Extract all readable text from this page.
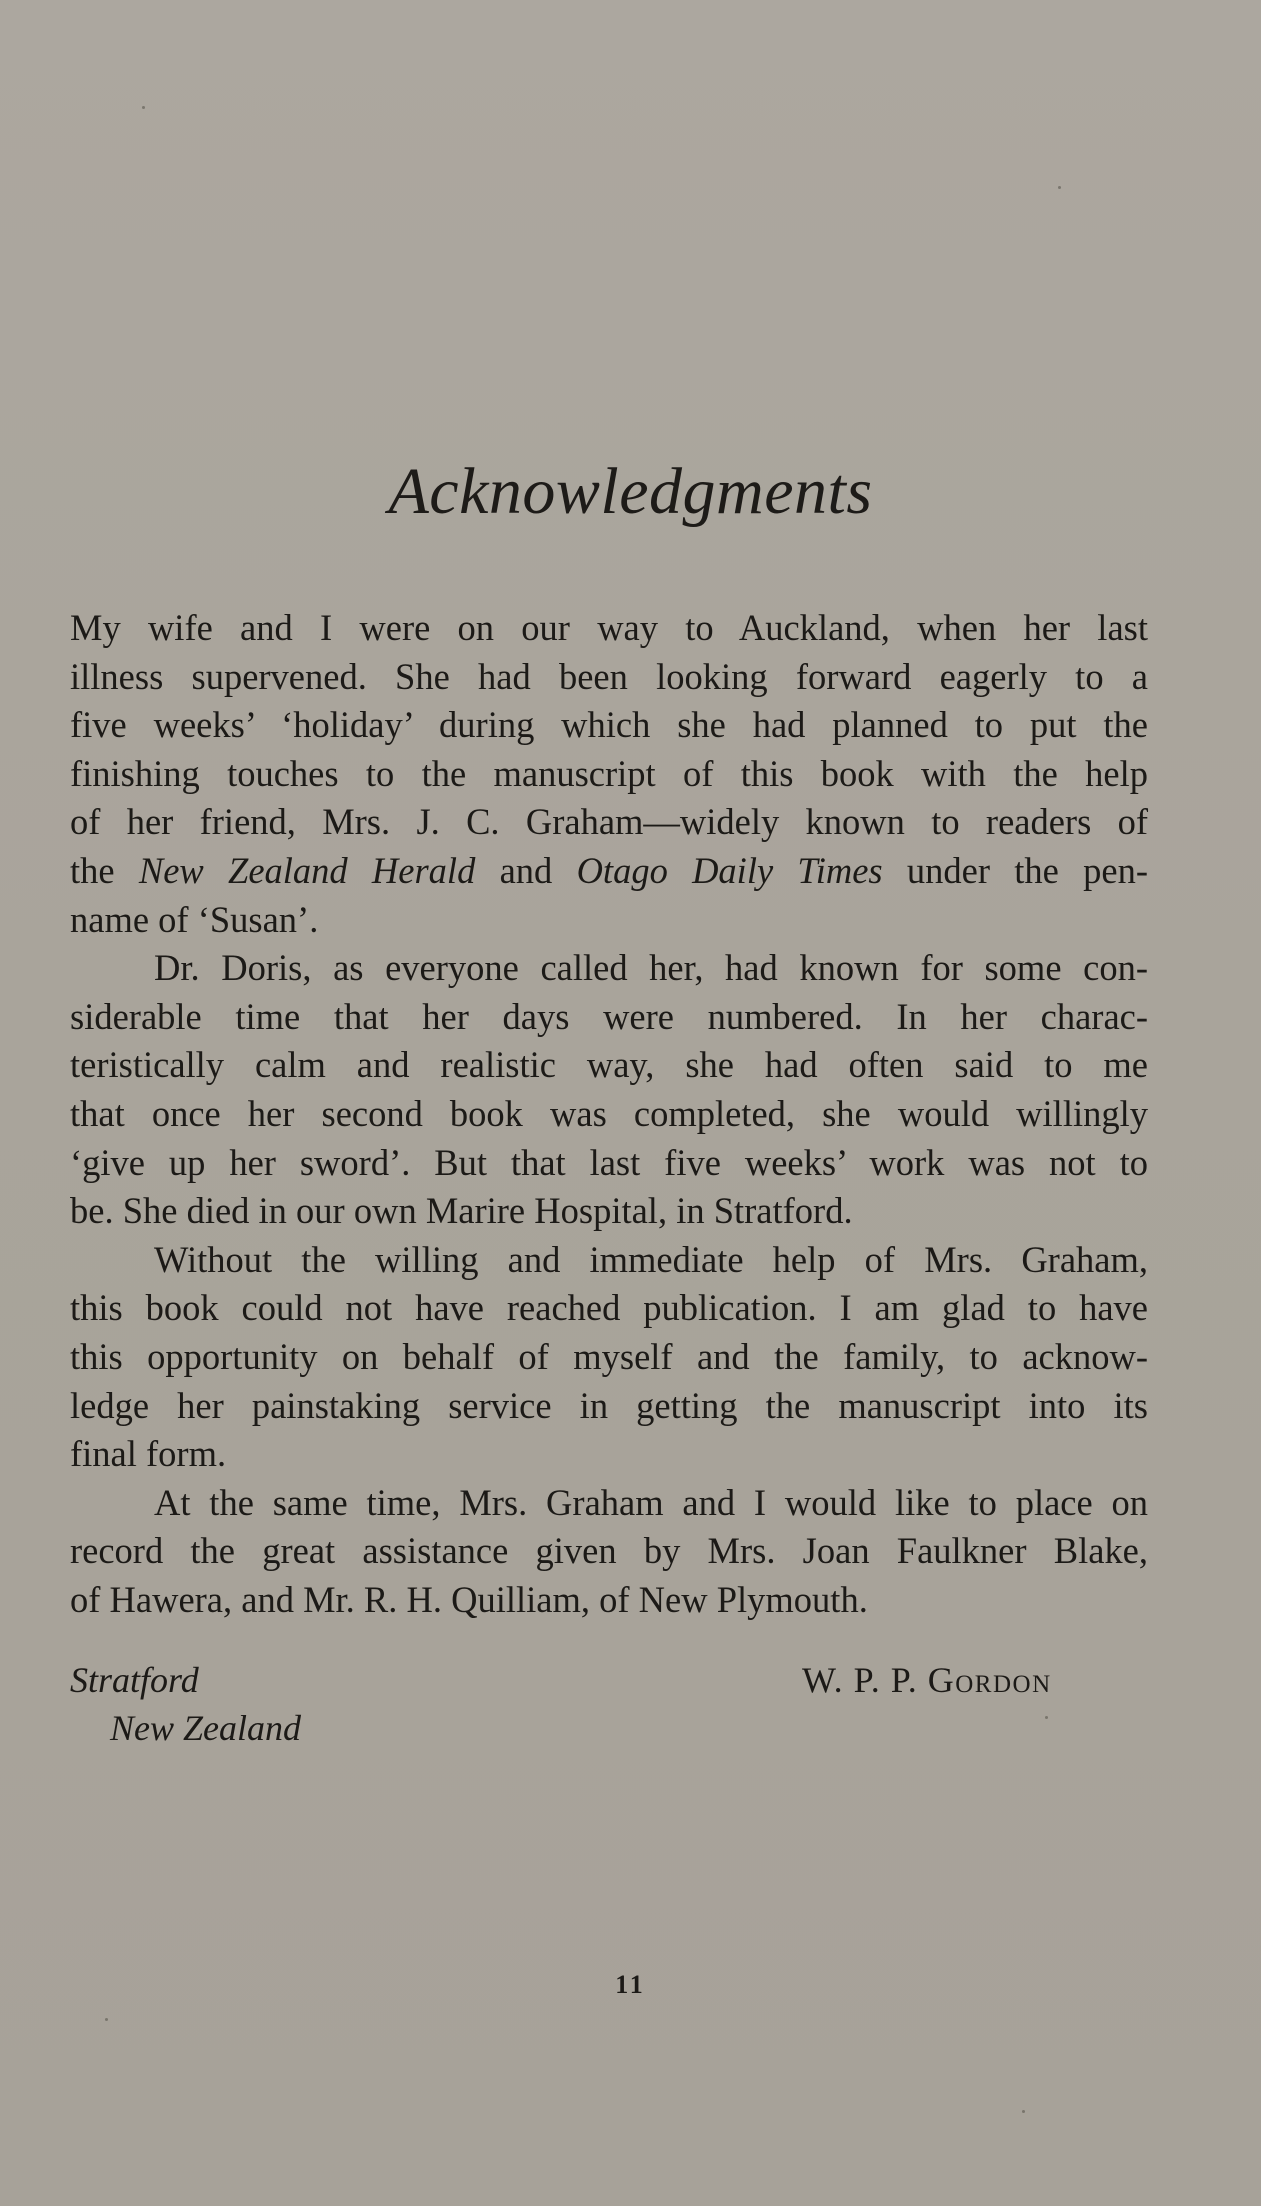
Acknowledgments
My wife and I were on our way to Auckland, when her last
illness supervened. She had been looking forward eagerly to a
five weeks’ ‘holiday’ during which she had planned to put the
finishing touches to the manuscript of this book with the help
of her friend, Mrs. J. C. Graham—widely known to readers of
the New Zealand Herald and Otago Daily Times under the pen-
name of ‘Susan’.
Dr. Doris, as everyone called her, had known for some con-
siderable time that her days were numbered. In her charac-
teristically calm and realistic way, she had often said to me
that once her second book was completed, she would willingly
‘give up her sword’. But that last five weeks’ work was not to
be. She died in our own Marire Hospital, in Stratford.
Without the willing and immediate help of Mrs. Graham,
this book could not have reached publication. I am glad to have
this opportunity on behalf of myself and the family, to acknow-
ledge her painstaking service in getting the manuscript into its
final form.
At the same time, Mrs. Graham and I would like to place on
record the great assistance given by Mrs. Joan Faulkner Blake,
of Hawera, and Mr. R. H. Quilliam, of New Plymouth.
Stratford
New Zealand
W. P. P. Gordon
11
